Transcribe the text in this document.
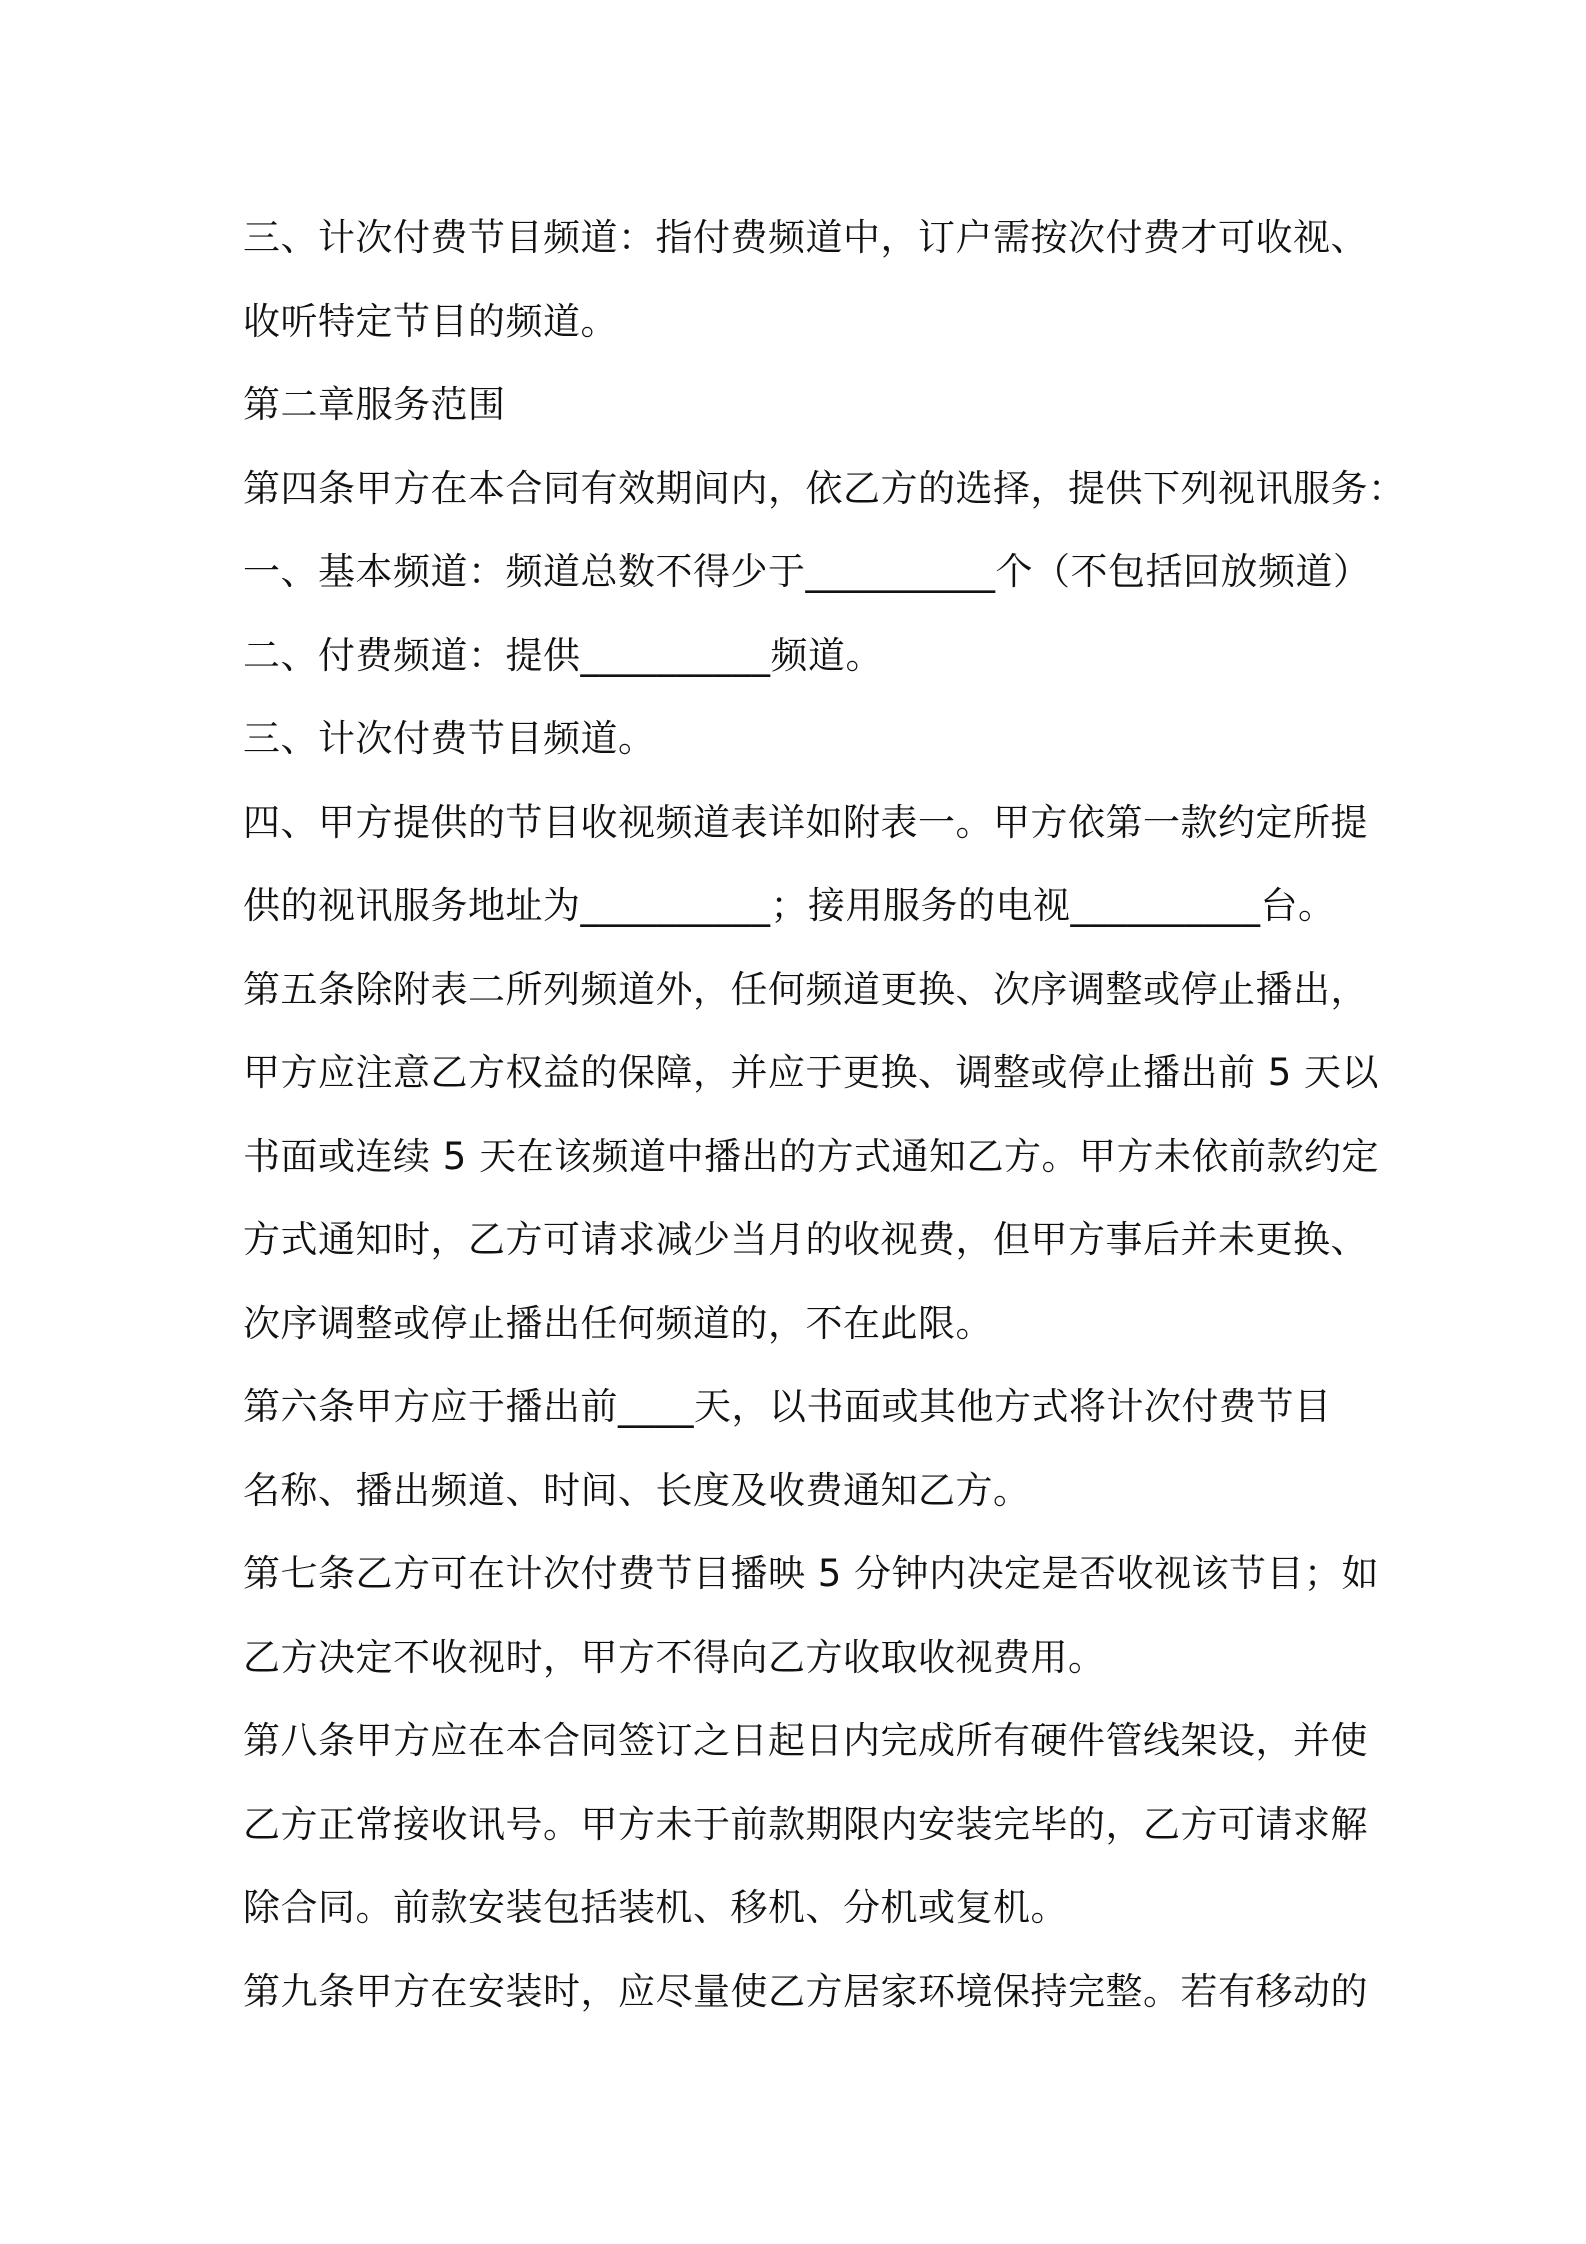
三、计次付费节目频道：指付费频道中，订户需按次付费才可收视、
收听特定节目的频道。
第二章服务范围
第四条甲方在本合同有效期间内，依乙方的选择，提供下列视讯服务：
一、基本频道：频道总数不得少于__________个（不包括回放频道）
二、付费频道：提供__________频道。
三、计次付费节目频道。
四、甲方提供的节目收视频道表详如附表一。甲方依第一款约定所提
供的视讯服务地址为__________；接用服务的电视__________台。
第五条除附表二所列频道外，任何频道更换、次序调整或停止播出，
甲方应注意乙方权益的保障，并应于更换、调整或停止播出前 5 天以
书面或连续 5 天在该频道中播出的方式通知乙方。甲方未依前款约定
方式通知时，乙方可请求减少当月的收视费，但甲方事后并未更换、
次序调整或停止播出任何频道的，不在此限。
第六条甲方应于播出前____天，以书面或其他方式将计次付费节目
名称、播出频道、时间、长度及收费通知乙方。
第七条乙方可在计次付费节目播映 5 分钟内决定是否收视该节目；如
乙方决定不收视时，甲方不得向乙方收取收视费用。
第八条甲方应在本合同签订之日起日内完成所有硬件管线架设，并使
乙方正常接收讯号。甲方未于前款期限内安装完毕的，乙方可请求解
除合同。前款安装包括装机、移机、分机或复机。
第九条甲方在安装时，应尽量使乙方居家环境保持完整。若有移动的
